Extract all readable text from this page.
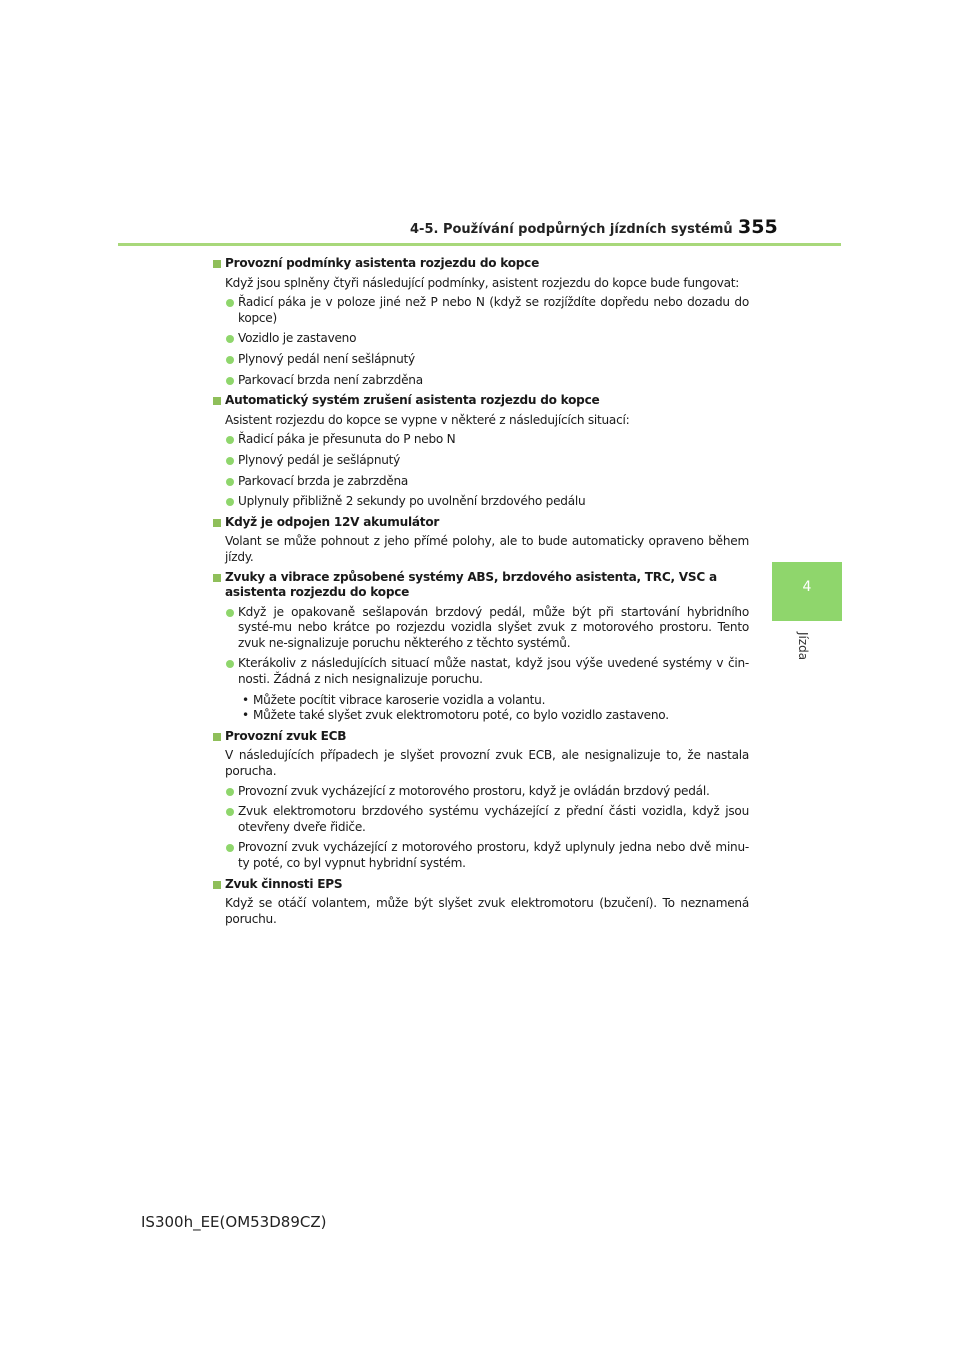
4-5. Používání podpůrných jízdních systémů 355
4
Jízda
Provozní podmínky asistenta rozjezdu do kopce
Když jsou splněny čtyři následující podmínky, asistent rozjezdu do kopce bude fungovat:
Řadicí páka je v poloze jiné než P nebo N (když se rozjíždíte dopředu nebo dozadu do kopce)
Vozidlo je zastaveno
Plynový pedál není sešlápnutý
Parkovací brzda není zabrzděna
Automatický systém zrušení asistenta rozjezdu do kopce
Asistent rozjezdu do kopce se vypne v některé z následujících situací:
Řadicí páka je přesunuta do P nebo N
Plynový pedál je sešlápnutý
Parkovací brzda je zabrzděna
Uplynuly přibližně 2 sekundy po uvolnění brzdového pedálu
Když je odpojen 12V akumulátor
Volant se může pohnout z jeho přímé polohy, ale to bude automaticky opraveno během jízdy.
Zvuky a vibrace způsobené systémy ABS, brzdového asistenta, TRC, VSC a asistenta rozjezdu do kopce
Když je opakovaně sešlapován brzdový pedál, může být při startování hybridního systé-mu nebo krátce po rozjezdu vozidla slyšet zvuk z motorového prostoru. Tento zvuk ne-signalizuje poruchu některého z těchto systémů.
Kterákoliv z následujících situací může nastat, když jsou výše uvedené systémy v čin-nosti. Žádná z nich nesignalizuje poruchu.
• Můžete pocítit vibrace karoserie vozidla a volantu.
• Můžete také slyšet zvuk elektromotoru poté, co bylo vozidlo zastaveno.
Provozní zvuk ECB
V následujících případech je slyšet provozní zvuk ECB, ale nesignalizuje to, že nastala porucha.
Provozní zvuk vycházející z motorového prostoru, když je ovládán brzdový pedál.
Zvuk elektromotoru brzdového systému vycházející z přední části vozidla, když jsou otevřeny dveře řidiče.
Provozní zvuk vycházející z motorového prostoru, když uplynuly jedna nebo dvě minu-ty poté, co byl vypnut hybridní systém.
Zvuk činnosti EPS
Když se otáčí volantem, může být slyšet zvuk elektromotoru (bzučení). To neznamená poruchu.
IS300h_EE(OM53D89CZ)
